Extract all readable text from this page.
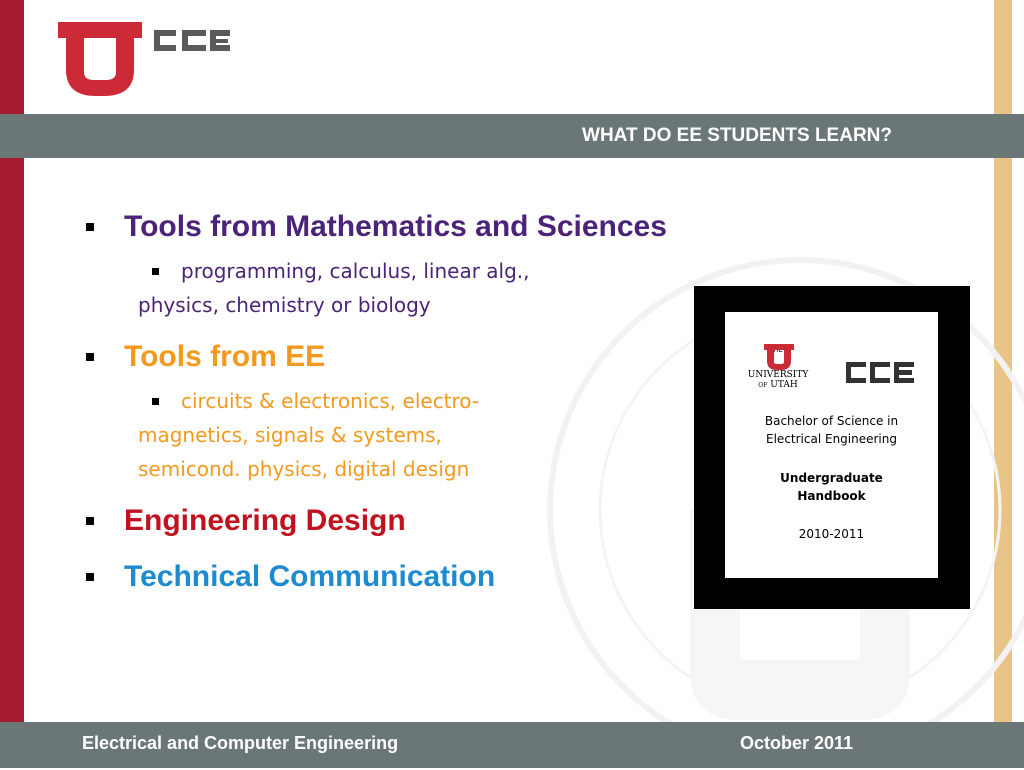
WHAT DO EE STUDENTS LEARN?
Tools from Mathematics and Sciences
programming, calculus, linear alg., physics, chemistry or biology
Tools from EE
circuits & electronics, electro-magnetics, signals & systems, semicond. physics, digital design
Engineering Design
Technical Communication
UNIVERSITY
OF UTAH
Bachelor of Science in Electrical Engineering
Undergraduate Handbook
2010-2011
Electrical and Computer Engineering	October 2011
